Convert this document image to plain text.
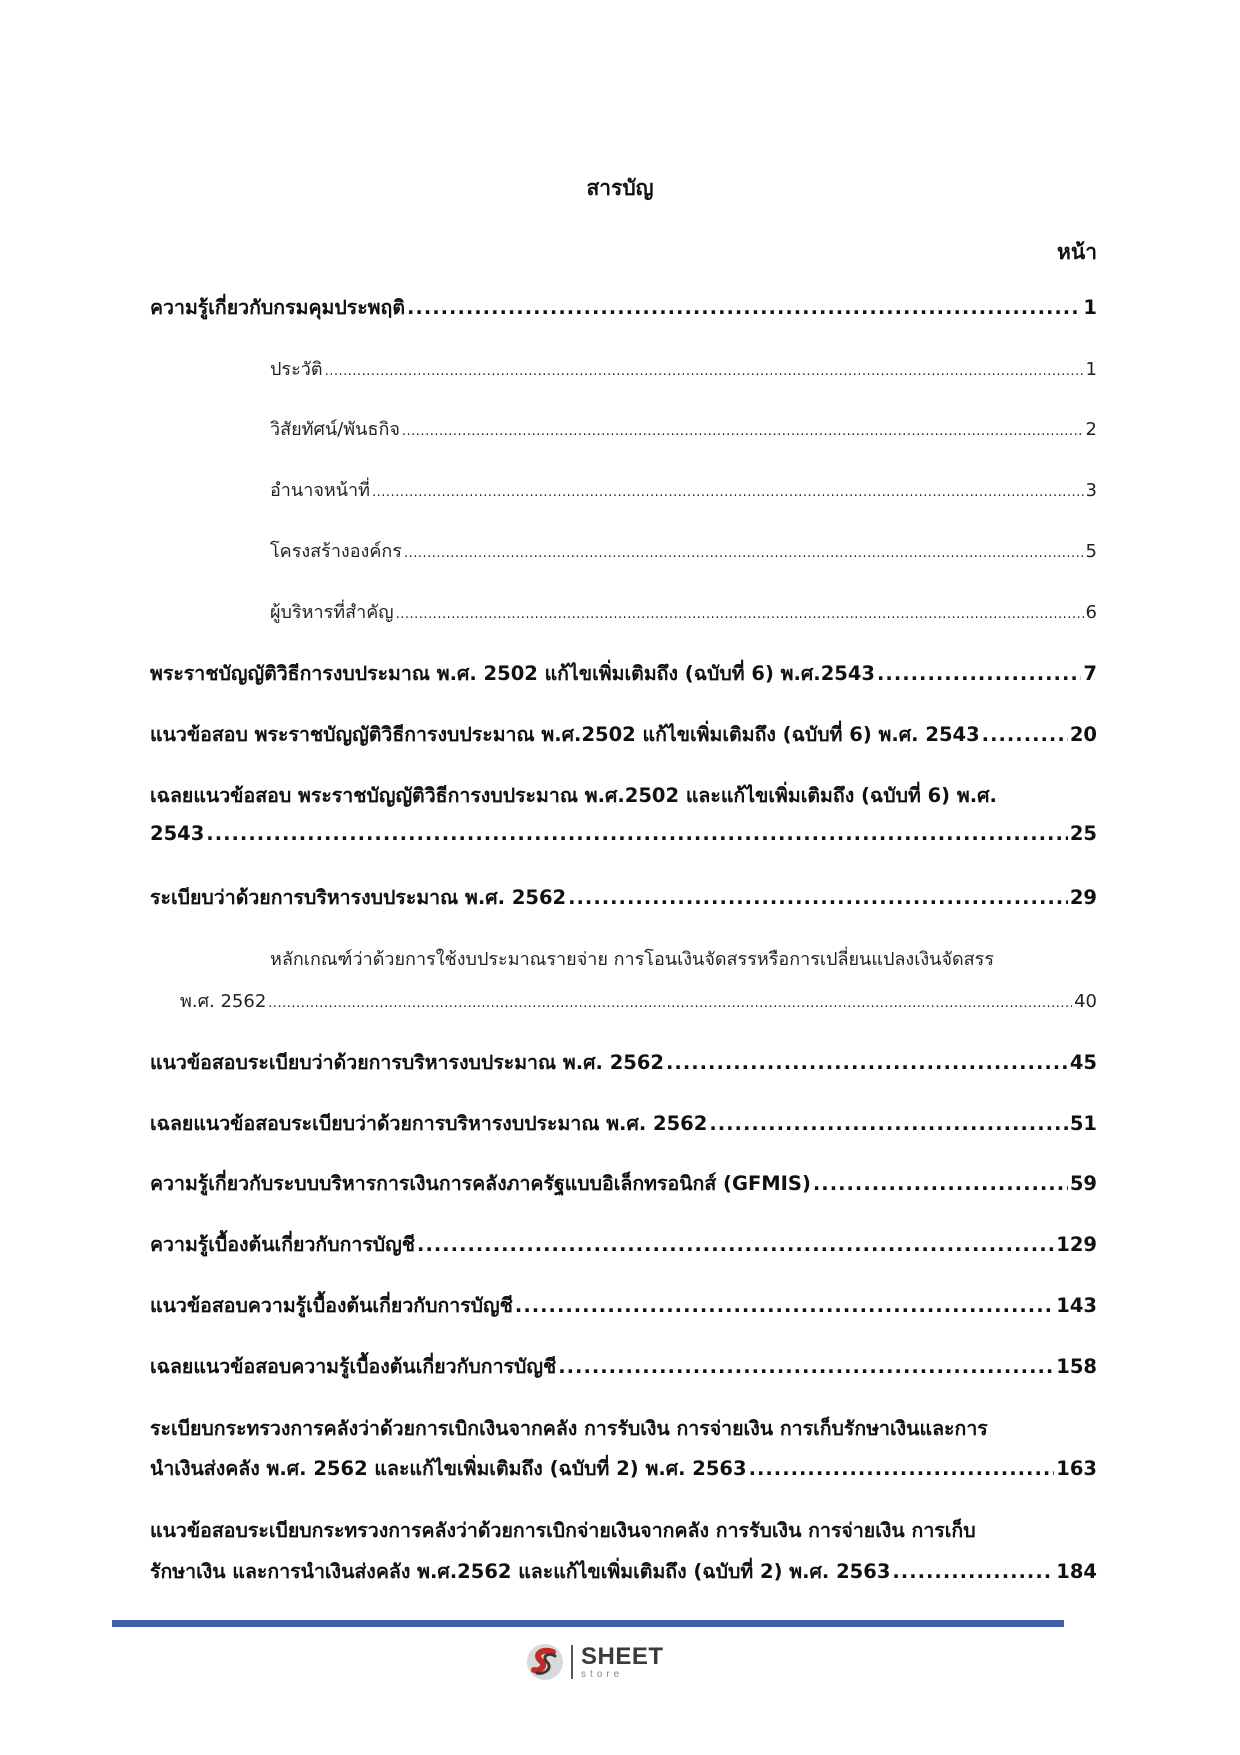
สารบัญ
หน้า
ความรู้เกี่ยวกับกรมคุมประพฤติ .....	1
ประวัติ .....	1
วิสัยทัศน์/พันธกิจ .....	2
อำนาจหน้าที่ .....	3
โครงสร้างองค์กร .....	5
ผู้บริหารที่สำคัญ .....	6
พระราชบัญญัติวิธีการงบประมาณ พ.ศ. 2502 แก้ไขเพิ่มเติมถึง (ฉบับที่ 6) พ.ศ.2543 .....	7
แนวข้อสอบ พระราชบัญญัติวิธีการงบประมาณ พ.ศ.2502 แก้ไขเพิ่มเติมถึง (ฉบับที่ 6) พ.ศ. 2543 .....	20
เฉลยแนวข้อสอบ พระราชบัญญัติวิธีการงบประมาณ พ.ศ.2502 และแก้ไขเพิ่มเติมถึง (ฉบับที่ 6) พ.ศ.
2543 .....	25
ระเบียบว่าด้วยการบริหารงบประมาณ พ.ศ. 2562 .....	29
หลักเกณฑ์ว่าด้วยการใช้งบประมาณรายจ่าย การโอนเงินจัดสรรหรือการเปลี่ยนแปลงเงินจัดสรร
พ.ศ. 2562 .....	40
แนวข้อสอบระเบียบว่าด้วยการบริหารงบประมาณ พ.ศ. 2562 .....	45
เฉลยแนวข้อสอบระเบียบว่าด้วยการบริหารงบประมาณ พ.ศ. 2562 .....	51
ความรู้เกี่ยวกับระบบบริหารการเงินการคลังภาครัฐแบบอิเล็กทรอนิกส์ (GFMIS) .....	59
ความรู้เบื้องต้นเกี่ยวกับการบัญชี .....	129
แนวข้อสอบความรู้เบื้องต้นเกี่ยวกับการบัญชี .....	143
เฉลยแนวข้อสอบความรู้เบื้องต้นเกี่ยวกับการบัญชี .....	158
ระเบียบกระทรวงการคลังว่าด้วยการเบิกเงินจากคลัง การรับเงิน การจ่ายเงิน การเก็บรักษาเงินและการ
นำเงินส่งคลัง พ.ศ. 2562 และแก้ไขเพิ่มเติมถึง (ฉบับที่ 2) พ.ศ. 2563 .....	163
แนวข้อสอบระเบียบกระทรวงการคลังว่าด้วยการเบิกจ่ายเงินจากคลัง การรับเงิน การจ่ายเงิน การเก็บ
รักษาเงิน และการนำเงินส่งคลัง พ.ศ.2562 และแก้ไขเพิ่มเติมถึง (ฉบับที่ 2) พ.ศ. 2563 .....	184
SHEET
store
